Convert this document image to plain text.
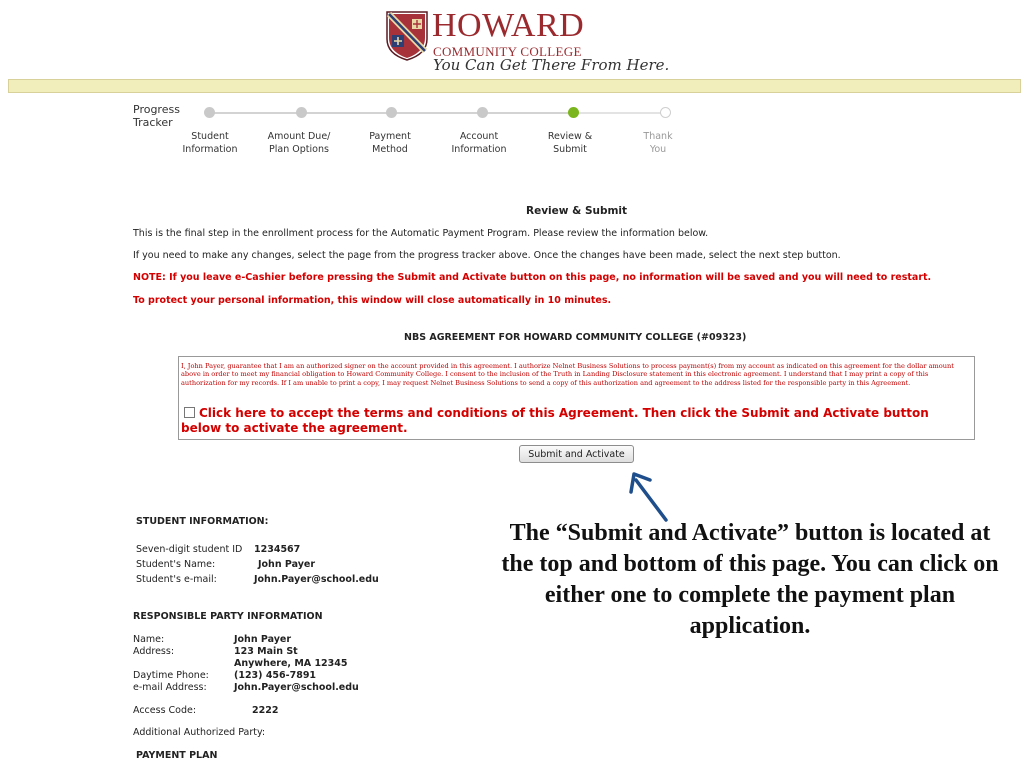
HOWARD
COMMUNITY COLLEGE
You Can Get There From Here.
Progress Tracker
Student
Information
Amount Due/
Plan Options
Payment
Method
Account
Information
Review &
Submit
Thank
You
Review & Submit
This is the final step in the enrollment process for the Automatic Payment Program. Please review the information below.
If you need to make any changes, select the page from the progress tracker above. Once the changes have been made, select the next step button.
NOTE: If you leave e-Cashier before pressing the Submit and Activate button on this page, no information will be saved and you will need to restart.
To protect your personal information, this window will close automatically in 10 minutes.
NBS AGREEMENT FOR HOWARD COMMUNITY COLLEGE (#09323)
I, John Payer, guarantee that I am an authorized signer on the account provided in this agreement. I authorize Nelnet Business Solutions to process payment(s) from my account as indicated on this agreement for the dollar amount above in order to meet my financial obligation to Howard Community College. I consent to the inclusion of the Truth in Landing Disclosure statement in this electronic agreement. I understand that I may print a copy of this authorization for my records. If I am unable to print a copy, I may request Nelnet Business Solutions to send a copy of this authorization and agreement to the address listed for the responsible party in this Agreement.
Click here to accept the terms and conditions of this Agreement. Then click the Submit and Activate button below to activate the agreement.
Submit and Activate
The “Submit and Activate” button is located at the top and bottom of this page. You can click on either one to complete the payment plan application.
STUDENT INFORMATION:
Seven-digit student ID 1234567
Student's Name:	John Payer
Student's e-mail:	John.Payer@school.edu
RESPONSIBLE PARTY INFORMATION
Name:	John Payer
Address:	123 Main St
Anywhere, MA 12345
Daytime Phone:	(123) 456-7891
e-mail Address:	John.Payer@school.edu
Access Code:	2222
Additional Authorized Party:
PAYMENT PLAN
